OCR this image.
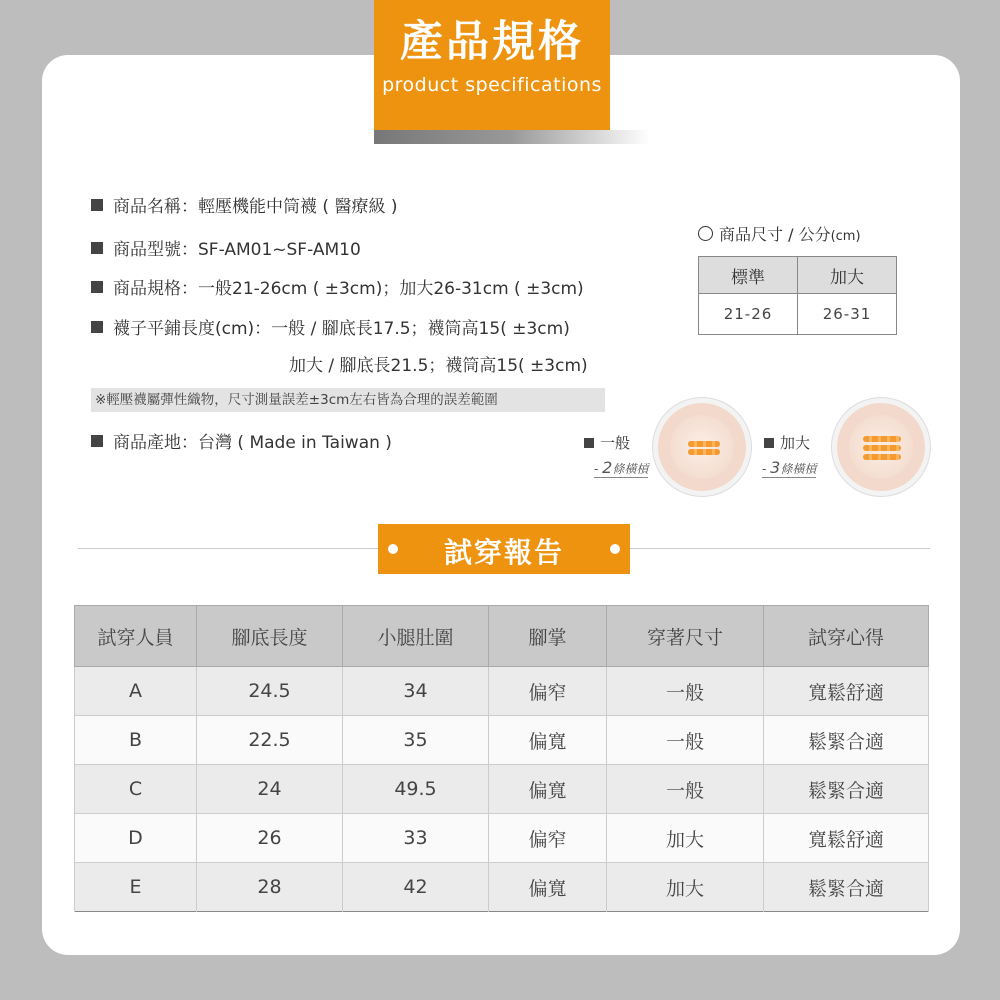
產品規格
product specifications
商品名稱：輕壓機能中筒襪 ( 醫療級 )
商品型號：SF-AM01~SF-AM10
商品規格：一般21-26cm ( ±3cm)；加大26-31cm ( ±3cm)
襪子平鋪長度(cm)：一般 / 腳底長17.5；襪筒高15( ±3cm)
加大 / 腳底長21.5；襪筒高15( ±3cm)
※輕壓襪屬彈性織物，尺寸測量誤差±3cm左右皆為合理的誤差範圍
商品產地：台灣 ( Made in Taiwan )
商品尺寸 / 公分(cm)
標準	加大
21-26	26-31
一般
- 2條橫槓
加大
- 3條橫槓
試穿報告
試穿人員	腳底長度	小腿肚圍	腳掌	穿著尺寸	試穿心得
A	24.5	34	偏窄	一般	寬鬆舒適
B	22.5	35	偏寬	一般	鬆緊合適
C	24	49.5	偏寬	一般	鬆緊合適
D	26	33	偏窄	加大	寬鬆舒適
E	28	42	偏寬	加大	鬆緊合適
